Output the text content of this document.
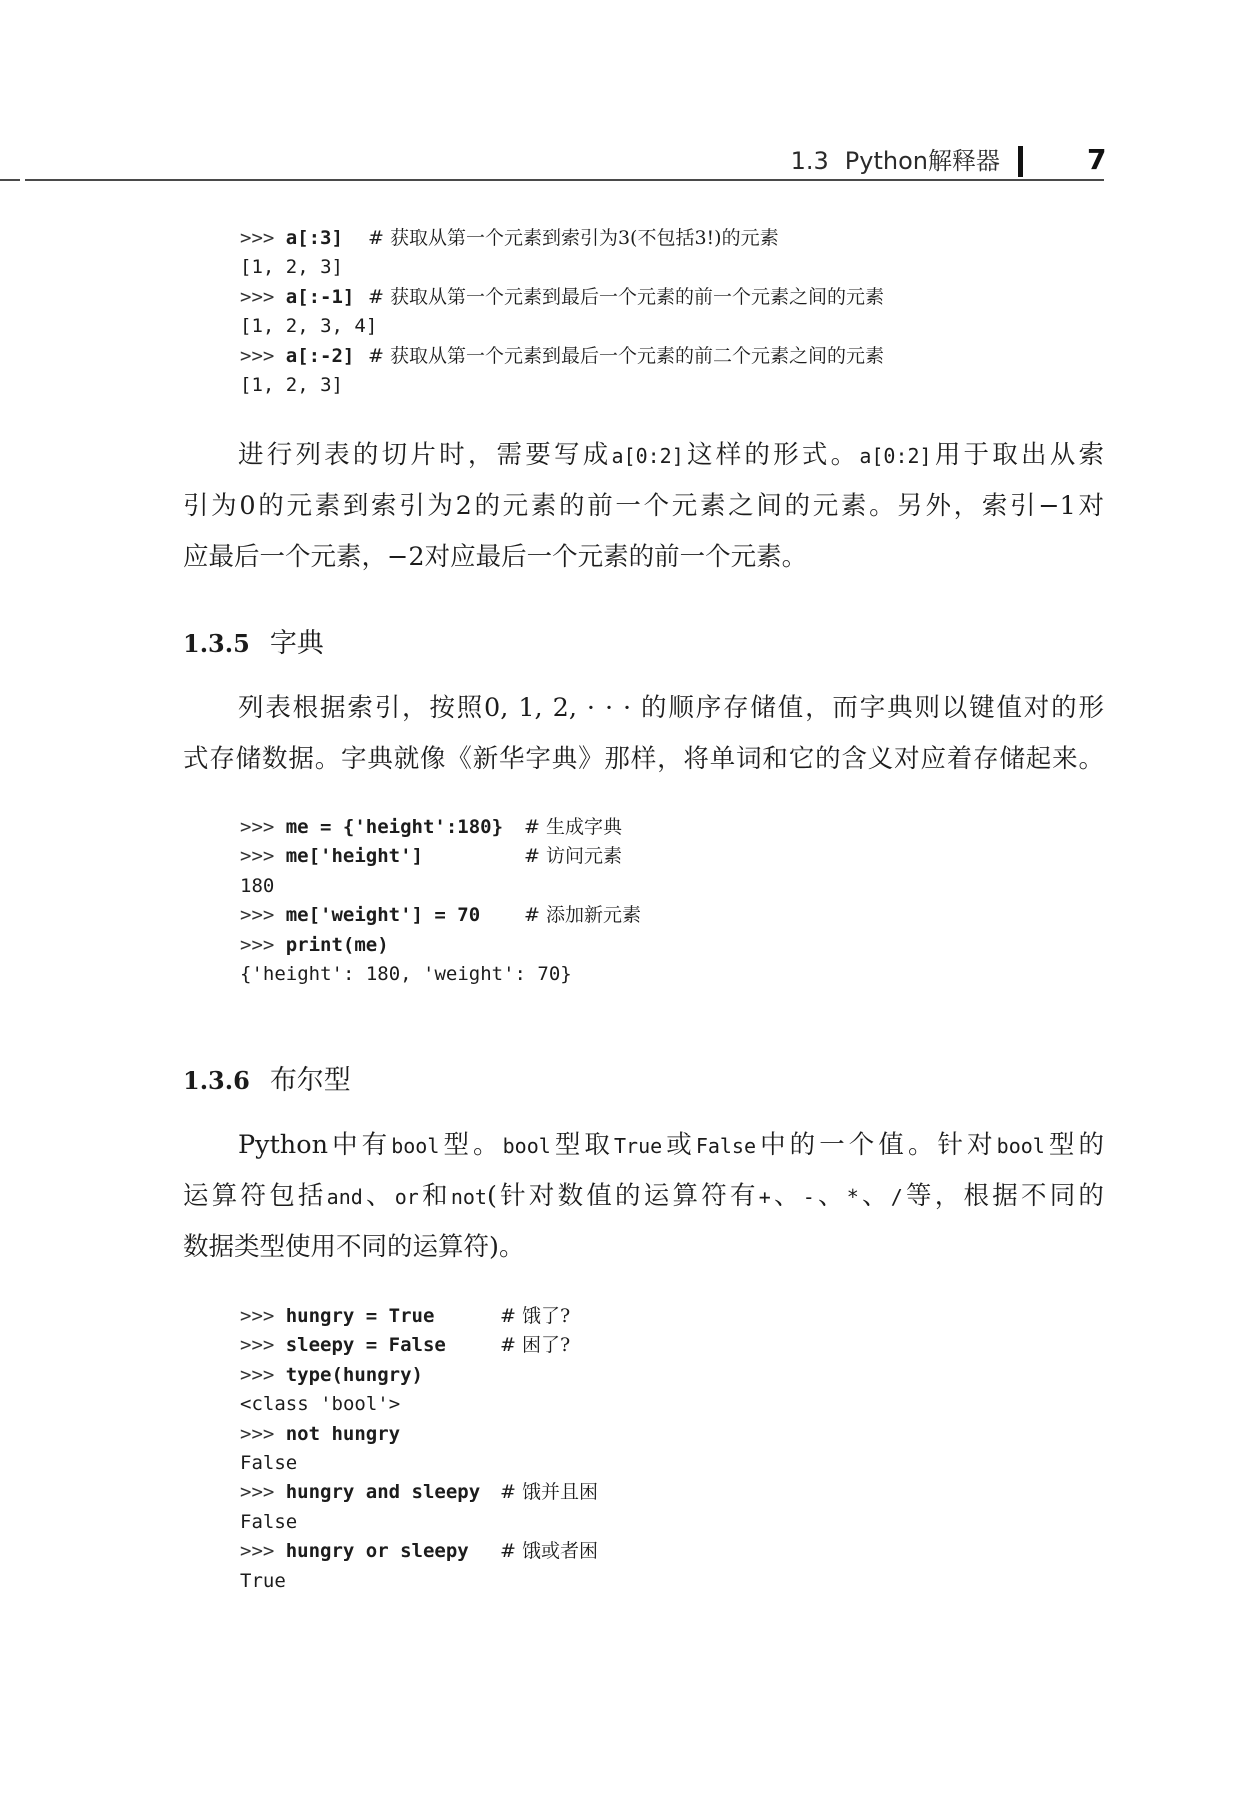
1.3 Python解释器	7
>>> a[:3] # 获取从第一个元素到索引为3(不包括3!)的元素
[1, 2, 3]
>>> a[:-1] # 获取从第一个元素到最后一个元素的前一个元素之间的元素
[1, 2, 3, 4]
>>> a[:-2] # 获取从第一个元素到最后一个元素的前二个元素之间的元素
[1, 2, 3]
进行列表的切片时，需要写成a[0:2]这样的形式。a[0:2]用于取出从索
引为0的元素到索引为2的元素的前一个元素之间的元素。另外，索引−1对
应最后一个元素，−2对应最后一个元素的前一个元素。
1.3.5 字典
列表根据索引，按照0, 1, 2, · · · 的顺序存储值，而字典则以键值对的形
式存储数据。字典就像《新华字典》那样，将单词和它的含义对应着存储起来。
>>> me = {'height':180} # 生成字典
>>> me['height']	# 访问元素
180
>>> me['weight'] = 70 # 添加新元素
>>> print(me)
{'height': 180, 'weight': 70}
1.3.6 布尔型
Python中有bool型。bool型取True或False中的一个值。针对bool型的
运算符包括and、or和not(针对数值的运算符有+、-、*、/等，根据不同的
数据类型使用不同的运算符)。
>>> hungry = True	# 饿了?
>>> sleepy = False	# 困了?
>>> type(hungry)
<class 'bool'>
>>> not hungry
False
>>> hungry and sleepy # 饿并且困
False
>>> hungry or sleepy # 饿或者困
True
